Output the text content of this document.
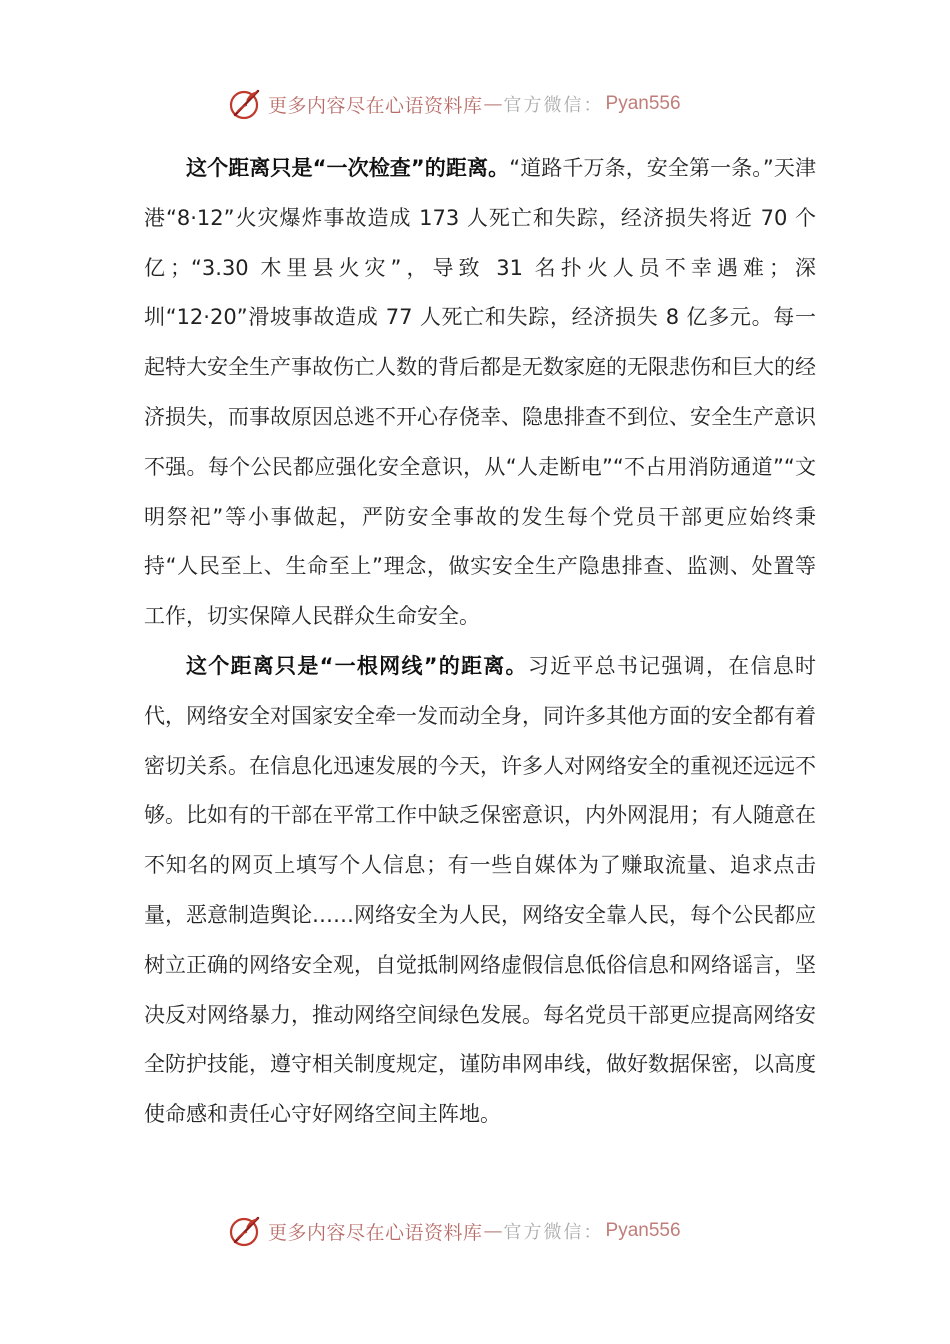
更多内容尽在心语资料库 — 官方微信： Pyan556

这个距离只是“一次检查”的距离。“道路千万条，安全第一条。”天津港“8·12”火灾爆炸事故造成 173 人死亡和失踪，经济损失将近 70 个亿；“3.30 木里县火灾”，导致 31 名扑火人员不幸遇难；深圳“12·20”滑坡事故造成 77 人死亡和失踪，经济损失 8 亿多元。每一起特大安全生产事故伤亡人数的背后都是无数家庭的无限悲伤和巨大的经济损失，而事故原因总逃不开心存侥幸、隐患排查不到位、安全生产意识不强。每个公民都应强化安全意识，从“人走断电”“不占用消防通道”“文明祭祀”等小事做起，严防安全事故的发生每个党员干部更应始终秉持“人民至上、生命至上”理念，做实安全生产隐患排查、监测、处置等工作，切实保障人民群众生命安全。

这个距离只是“一根网线”的距离。习近平总书记强调，在信息时代，网络安全对国家安全牵一发而动全身，同许多其他方面的安全都有着密切关系。在信息化迅速发展的今天，许多人对网络安全的重视还远远不够。比如有的干部在平常工作中缺乏保密意识，内外网混用；有人随意在不知名的网页上填写个人信息；有一些自媒体为了赚取流量、追求点击量，恶意制造舆论……网络安全为人民，网络安全靠人民，每个公民都应树立正确的网络安全观，自觉抵制网络虚假信息低俗信息和网络谣言，坚决反对网络暴力，推动网络空间绿色发展。每名党员干部更应提高网络安全防护技能，遵守相关制度规定，谨防串网串线，做好数据保密，以高度使命感和责任心守好网络空间主阵地。

更多内容尽在心语资料库 — 官方微信： Pyan556
